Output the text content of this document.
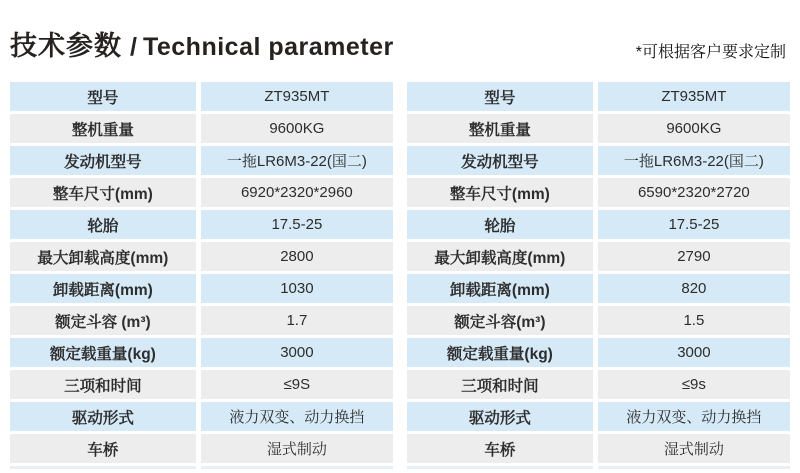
技术参数 / Technical parameter	*可根据客户要求定制
型号	ZT935MT
整机重量	9600KG
发动机型号	一拖LR6M3-22(国二)
整车尺寸(mm)	6920*2320*2960
轮胎	17.5-25
最大卸载高度(mm)	2800
卸载距离(mm)	1030
额定斗容 (m³)	1.7
额定载重量(kg)	3000
三项和时间	≤9S
驱动形式	液力双变、动力换挡
车桥	湿式制动
型号	ZT935MT
整机重量	9600KG
发动机型号	一拖LR6M3-22(国二)
整车尺寸(mm)	6590*2320*2720
轮胎	17.5-25
最大卸载高度(mm)	2790
卸载距离(mm)	820
额定斗容(m³)	1.5
额定载重量(kg)	3000
三项和时间	≤9s
驱动形式	液力双变、动力换挡
车桥	湿式制动
